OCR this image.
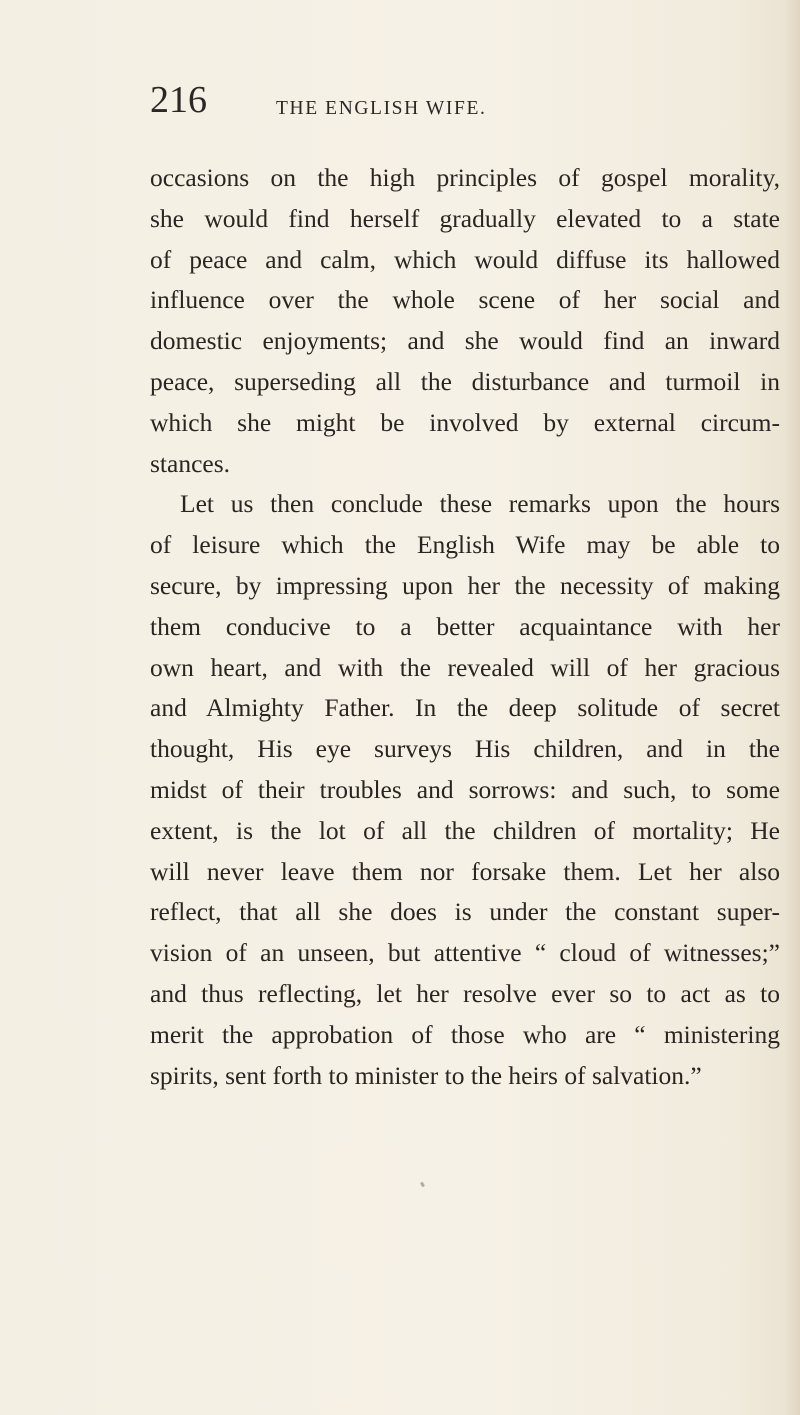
216	THE ENGLISH WIFE.
occasions on the high principles of gospel morality,
she would find herself gradually elevated to a state
of peace and calm, which would diffuse its hallowed
influence over the whole scene of her social and
domestic enjoyments; and she would find an inward
peace, superseding all the disturbance and turmoil in
which she might be involved by external circum-
stances.
Let us then conclude these remarks upon the hours
of leisure which the English Wife may be able to
secure, by impressing upon her the necessity of making
them conducive to a better acquaintance with her
own heart, and with the revealed will of her gracious
and Almighty Father. In the deep solitude of secret
thought, His eye surveys His children, and in the
midst of their troubles and sorrows: and such, to some
extent, is the lot of all the children of mortality; He
will never leave them nor forsake them. Let her also
reflect, that all she does is under the constant super-
vision of an unseen, but attentive “ cloud of witnesses;”
and thus reflecting, let her resolve ever so to act as to
merit the approbation of those who are “ ministering
spirits, sent forth to minister to the heirs of salvation.”
